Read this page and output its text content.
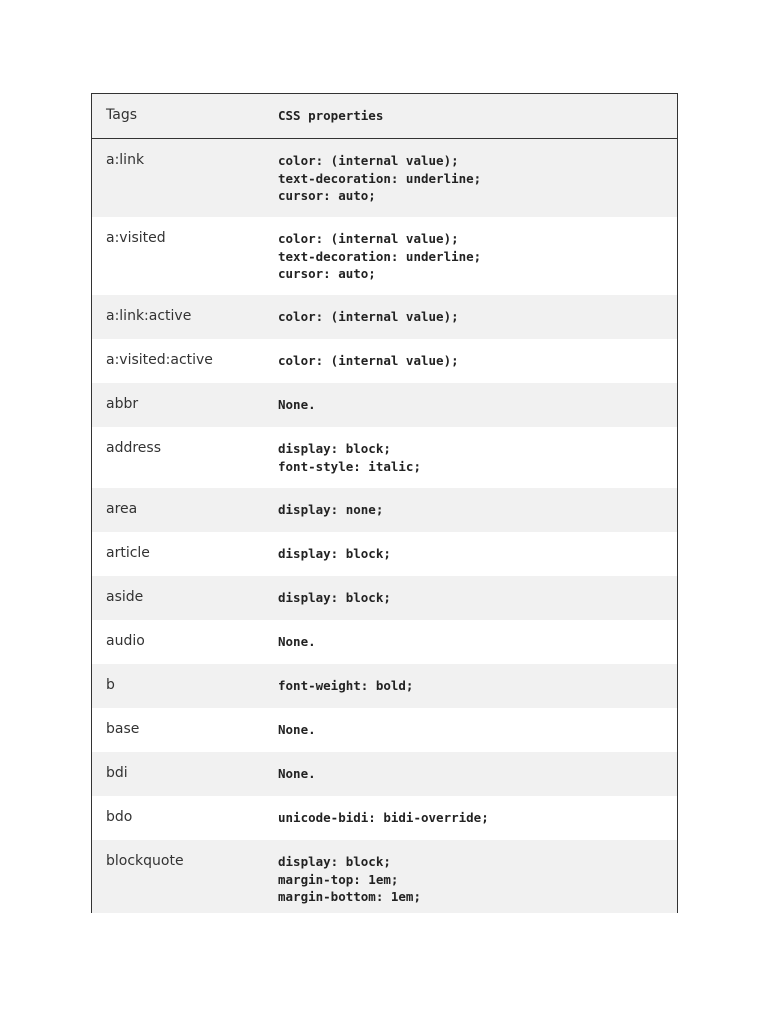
Tags	CSS properties
a:link	color: (internal value);
text-decoration: underline;
cursor: auto;
a:visited	color: (internal value);
text-decoration: underline;
cursor: auto;
a:link:active	color: (internal value);
a:visited:active	color: (internal value);
abbr	None.
address	display: block;
font-style: italic;
area	display: none;
article	display: block;
aside	display: block;
audio	None.
b	font-weight: bold;
base	None.
bdi	None.
bdo	unicode-bidi: bidi-override;
blockquote	display: block;
margin-top: 1em;
margin-bottom: 1em;
